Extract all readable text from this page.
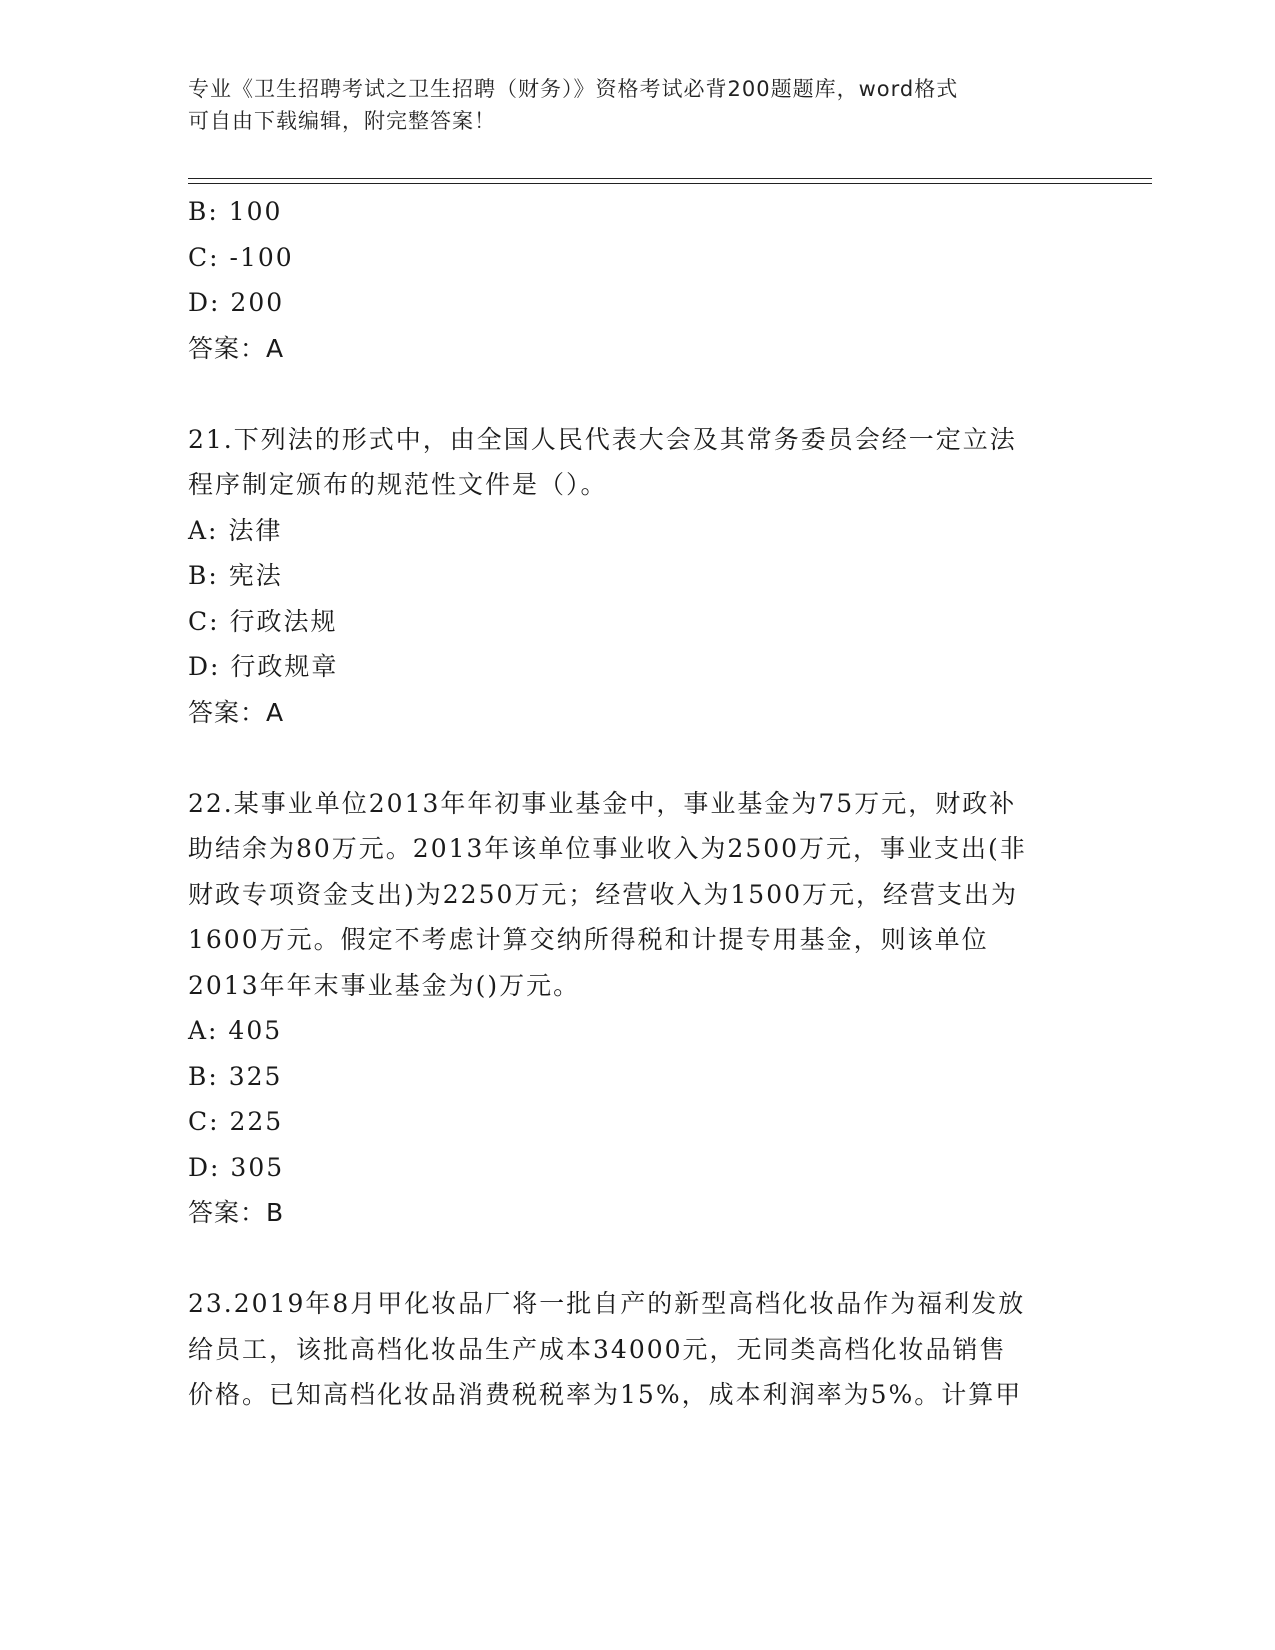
专业《卫生招聘考试之卫生招聘（财务）》资格考试必背200题题库，word格式
可自由下载编辑，附完整答案！
B: 100
C: -100
D: 200
答案：A
21.下列法的形式中，由全国人民代表大会及其常务委员会经一定立法
程序制定颁布的规范性文件是（）。
A: 法律
B: 宪法
C: 行政法规
D: 行政规章
答案：A
22.某事业单位2013年年初事业基金中，事业基金为75万元，财政补
助结余为80万元。2013年该单位事业收入为2500万元，事业支出(非
财政专项资金支出)为2250万元；经营收入为1500万元，经营支出为
1600万元。假定不考虑计算交纳所得税和计提专用基金，则该单位
2013年年末事业基金为()万元。
A: 405
B: 325
C: 225
D: 305
答案：B
23.2019年8月甲化妆品厂将一批自产的新型高档化妆品作为福利发放
给员工，该批高档化妆品生产成本34000元，无同类高档化妆品销售
价格。已知高档化妆品消费税税率为15%，成本利润率为5%。计算甲
